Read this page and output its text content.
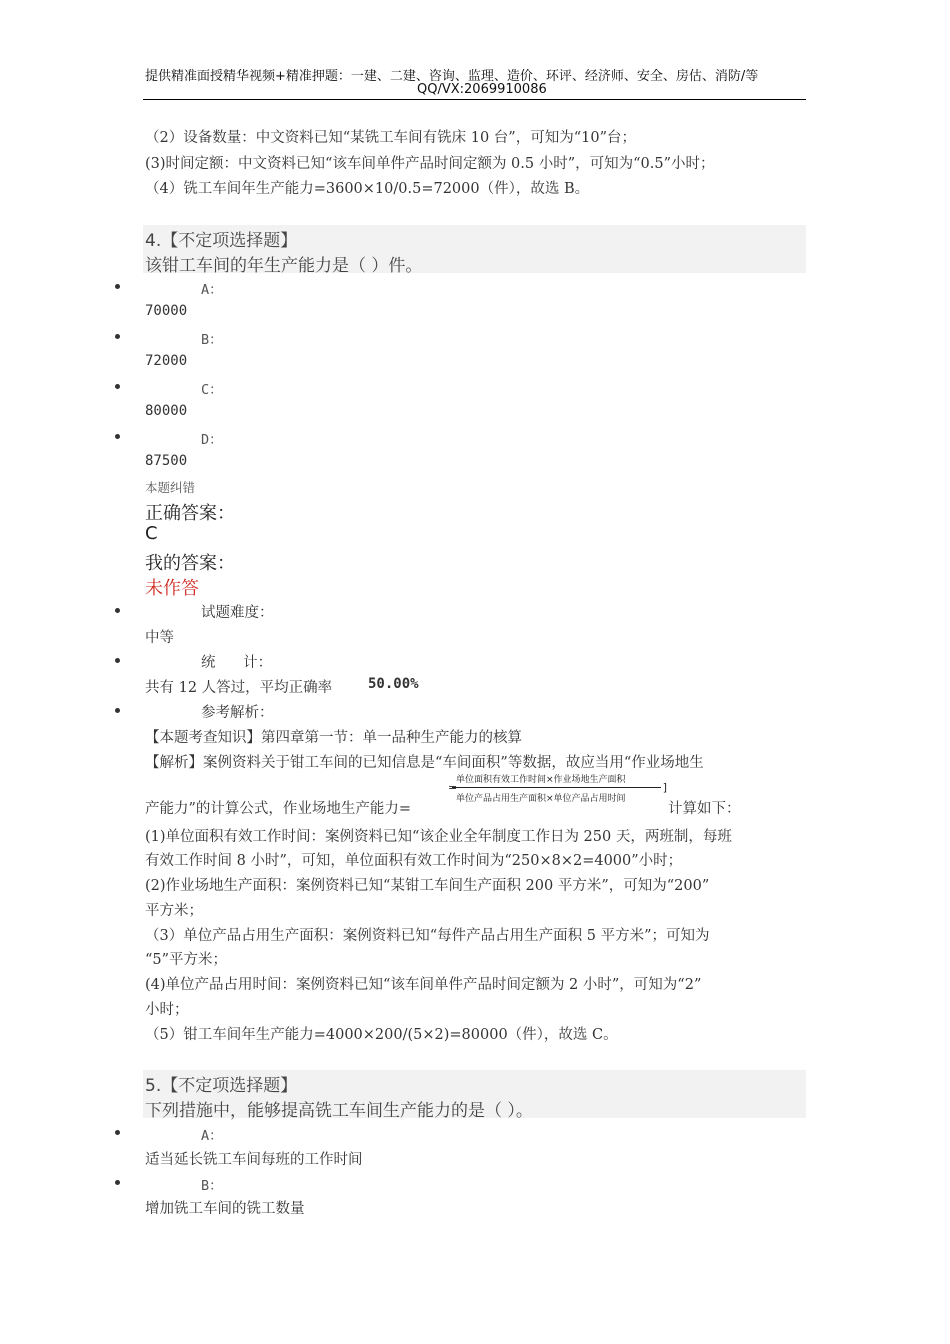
提供精准面授精华视频+精准押题：一建、二建、咨询、监理、造价、环评、经济师、安全、房估、消防/等
QQ/VX:2069910086
（2）设备数量：中文资料已知“某铣工车间有铣床 10 台”，可知为“10”台；
(3)时间定额：中文资料已知“该车间单件产品时间定额为 0.5 小时”，可知为“0.5”小时；
（4）铣工车间年生产能力=3600×10/0.5=72000（件），故选 B。
4.【不定项选择题】
该钳工车间的年生产能力是（ ）件。
A：
70000
B：
72000
C：
80000
D：
87500
本题纠错
正确答案：
C
我的答案：
未作答
试题难度：
中等
统      计：
共有 12 人答过，平均正确率	50.00%
参考解析：
【本题考查知识】第四章第一节：单一品种生产能力的核算
【解析】案例资料关于钳工车间的已知信息是“车间面积”等数据，故应当用“作业场地生
产能力”的计算公式，作业场地生产能力=
=
单位面积有效工作时间×作业场地生产面积
单位产品占用生产面积×单位产品占用时间
]
计算如下：
(1)单位面积有效工作时间：案例资料已知“该企业全年制度工作日为 250 天，两班制，每班
有效工作时间 8 小时”，可知，单位面积有效工作时间为“250×8×2=4000”小时；
(2)作业场地生产面积：案例资料已知“某钳工车间生产面积 200 平方米”，可知为“200”
平方米；
（3）单位产品占用生产面积：案例资料已知“每件产品占用生产面积 5 平方米”；可知为
“5”平方米；
(4)单位产品占用时间：案例资料已知“该车间单件产品时间定额为 2 小时”，可知为“2”
小时；
（5）钳工车间年生产能力=4000×200/(5×2)=80000（件），故选 C。
5.【不定项选择题】
下列措施中，能够提高铣工车间生产能力的是（ ）。
A：
适当延长铣工车间每班的工作时间
B：
增加铣工车间的铣工数量
